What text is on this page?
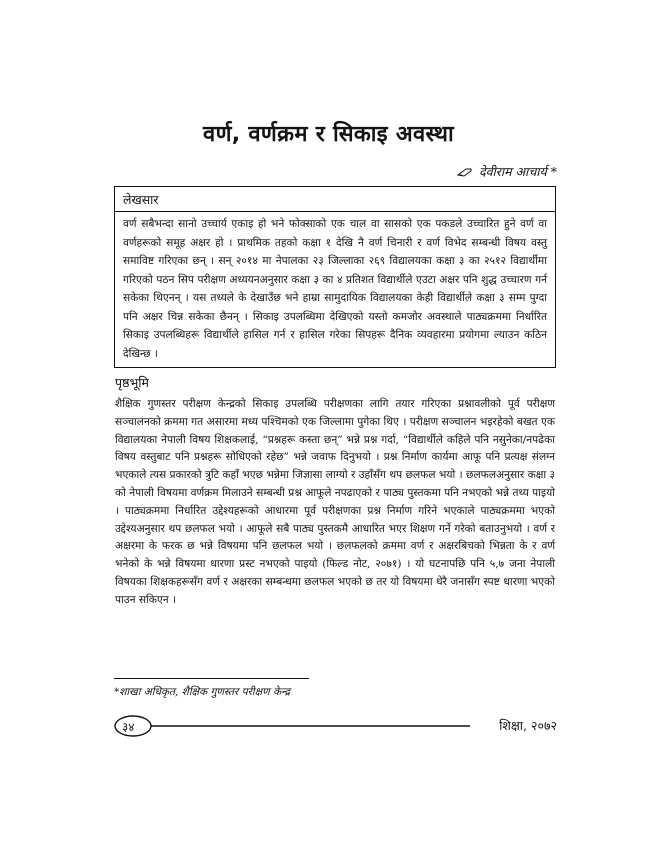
वर्ण, वर्णक्रम र सिकाइ अवस्था
देवीराम आचार्य *
लेखसार
वर्ण सबैभन्दा सानो उच्चार्य एकाइ हो भने फोक्साको एक चाल वा सासको एक पकडले उच्चारित हुने वर्ण वा वर्णहरूको समूह अक्षर हो । प्राथमिक तहको कक्षा १ देखि नै वर्ण चिनारी र वर्ण विभेद सम्बन्धी विषय वस्तु समाविष्ट गरिएका छन् । सन् २०१४ मा नेपालका २३ जिल्लाका २६९ विद्यालयका कक्षा ३ का २५१२ विद्यार्थीमा गरिएको पठन सिप परीक्षण अध्ययनअनुसार कक्षा ३ का ४ प्रतिशत विद्यार्थीले एउटा अक्षर पनि शुद्ध उच्चारण गर्न सकेका थिएनन् । यस तथ्यले के देखाउँछ भने हाम्रा सामुदायिक विद्यालयका केही विद्यार्थीले कक्षा ३ सम्म पुग्दा पनि अक्षर चिन्न सकेका छैनन् । सिकाइ उपलब्धिमा देखिएको यस्तो कमजोर अवस्थाले पाठ्यक्रममा निर्धारित सिकाइ उपलब्धिहरू विद्यार्थीले हासिल गर्न र हासिल गरेका सिपहरू दैनिक व्यवहारमा प्रयोगमा ल्याउन कठिन देखिन्छ ।
पृष्ठभूमि
शैक्षिक गुणस्तर परीक्षण केन्द्रको सिकाइ उपलब्धि परीक्षणका लागि तयार गरिएका प्रश्नावलीको पूर्व परीक्षण सञ्चालनको क्रममा गत असारमा मध्य पश्चिमको एक जिल्लामा पुगेका थिए । परीक्षण सञ्चालन भइरहेको बखत एक विद्यालयका नेपाली विषय शिक्षकलाई, “प्रश्नहरू कस्ता छन्” भन्ने प्रश्न गर्दा, “विद्यार्थीले कहिले पनि नसुनेका/नपढेका विषय वस्तुबाट पनि प्रश्नहरू सोधिएको रहेछ” भन्ने जवाफ दिनुभयो । प्रश्न निर्माण कार्यमा आफू पनि प्रत्यक्ष संलग्न भएकाले त्यस प्रकारको त्रुटि कहाँ भएछ भन्नेमा जिज्ञासा लाग्यो र उहाँसँग थप छलफल भयो । छलफलअनुसार कक्षा ३ को नेपाली विषयमा वर्णक्रम मिलाउने सम्बन्धी प्रश्न आफूले नपढाएको र पाठ्य पुस्तकमा पनि नभएको भन्ने तथ्य पाइयो । पाठ्यक्रममा निर्धारित उद्देश्यहरूको आधारमा पूर्व परीक्षणका प्रश्न निर्माण गरिने भएकाले पाठ्यक्रममा भएको उद्देश्यअनुसार थप छलफल भयो । आफूले सबै पाठ्य पुस्तकमै आधारित भएर शिक्षण गर्ने गरेको बताउनुभयो । वर्ण र अक्षरमा के फरक छ भन्ने विषयमा पनि छलफल भयो । छलफलको क्रममा वर्ण र अक्षरबिचको भिन्नता के र वर्ण भनेको के भन्ने विषयमा धारणा प्रस्ट नभएको पाइयो (फिल्ड नोट, २०७१) । यो घटनापछि पनि ५,७ जना नेपाली विषयका शिक्षकहरूसँग वर्ण र अक्षरका सम्बन्धमा छलफल भएको छ तर यो विषयमा धेरै जनासँग स्पष्ट धारणा भएको पाउन सकिएन ।
*शाखा अधिकृत, शैक्षिक गुणस्तर परीक्षण केन्द्र
३४	शिक्षा, २०७२
